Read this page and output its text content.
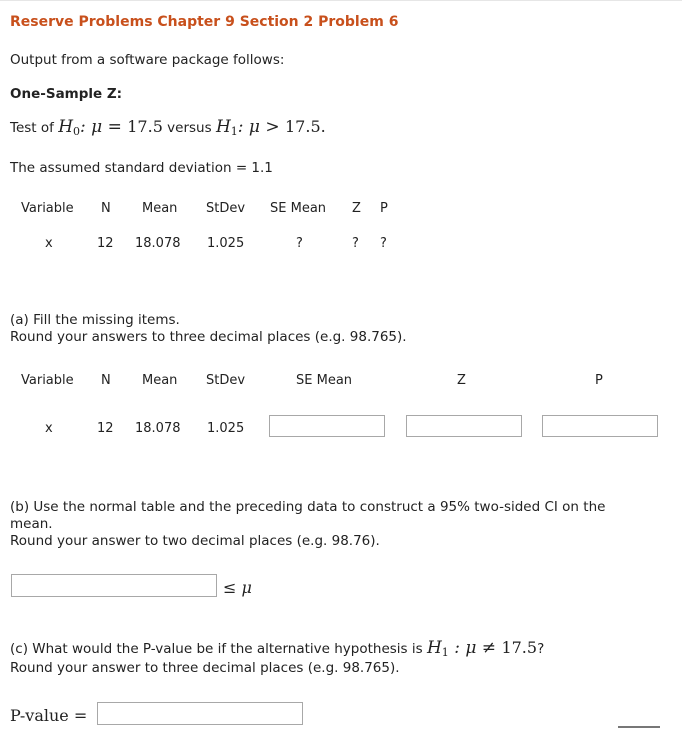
Reserve Problems Chapter 9 Section 2 Problem 6
Output from a software package follows:
One-Sample Z:
Test of $H_0$: μ = 17.5 versus $H_1$: μ > 17.5.
The assumed standard deviation = 1.1
Variable N Mean StDev SE Mean Z P
x	12 18.078 1.025	?	? ?
(a) Fill the missing items.
Round your answers to three decimal places (e.g. 98.765).
Variable N Mean StDev	SE Mean	Z	P
x	12 18.078 1.025
(b) Use the normal table and the preceding data to construct a 95% two-sided CI on the
mean.
Round your answer to two decimal places (e.g. 98.76).
≤ μ
(c) What would the P-value be if the alternative hypothesis is $H_1$ : μ ≠ 17.5?
Round your answer to three decimal places (e.g. 98.765).
P-value =
